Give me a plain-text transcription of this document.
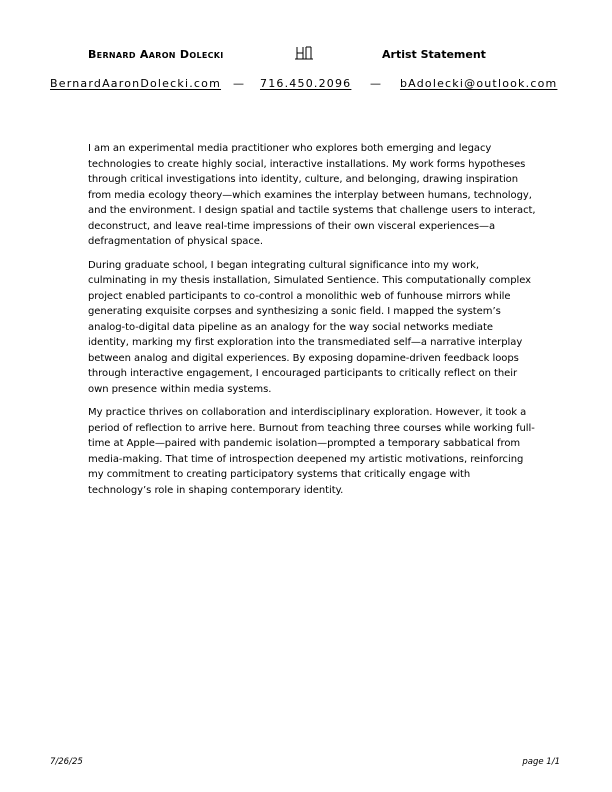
Bernard Aaron Dolecki	Artist Statement
BernardAaronDolecki.com — 716.450.2096 — bAdolecki@outlook.com

I am an experimental media practitioner who explores both emerging and legacy technologies to create highly social, interactive installations. My work forms hypotheses through critical investigations into identity, culture, and belonging, drawing inspiration from media ecology theory—which examines the interplay between humans, technology, and the environment. I design spatial and tactile systems that challenge users to interact, deconstruct, and leave real-time impressions of their own visceral experiences—a defragmentation of physical space.

During graduate school, I began integrating cultural significance into my work, culminating in my thesis installation, Simulated Sentience. This computationally complex project enabled participants to co-control a monolithic web of funhouse mirrors while generating exquisite corpses and synthesizing a sonic field. I mapped the system’s analog-to-digital data pipeline as an analogy for the way social networks mediate identity, marking my first exploration into the transmediated self—a narrative interplay between analog and digital experiences. By exposing dopamine-driven feedback loops through interactive engagement, I encouraged participants to critically reflect on their own presence within media systems.

My practice thrives on collaboration and interdisciplinary exploration. However, it took a period of reflection to arrive here. Burnout from teaching three courses while working full-time at Apple—paired with pandemic isolation—prompted a temporary sabbatical from media-making. That time of introspection deepened my artistic motivations, reinforcing my commitment to creating participatory systems that critically engage with technology’s role in shaping contemporary identity.

7/26/25	page 1/1
